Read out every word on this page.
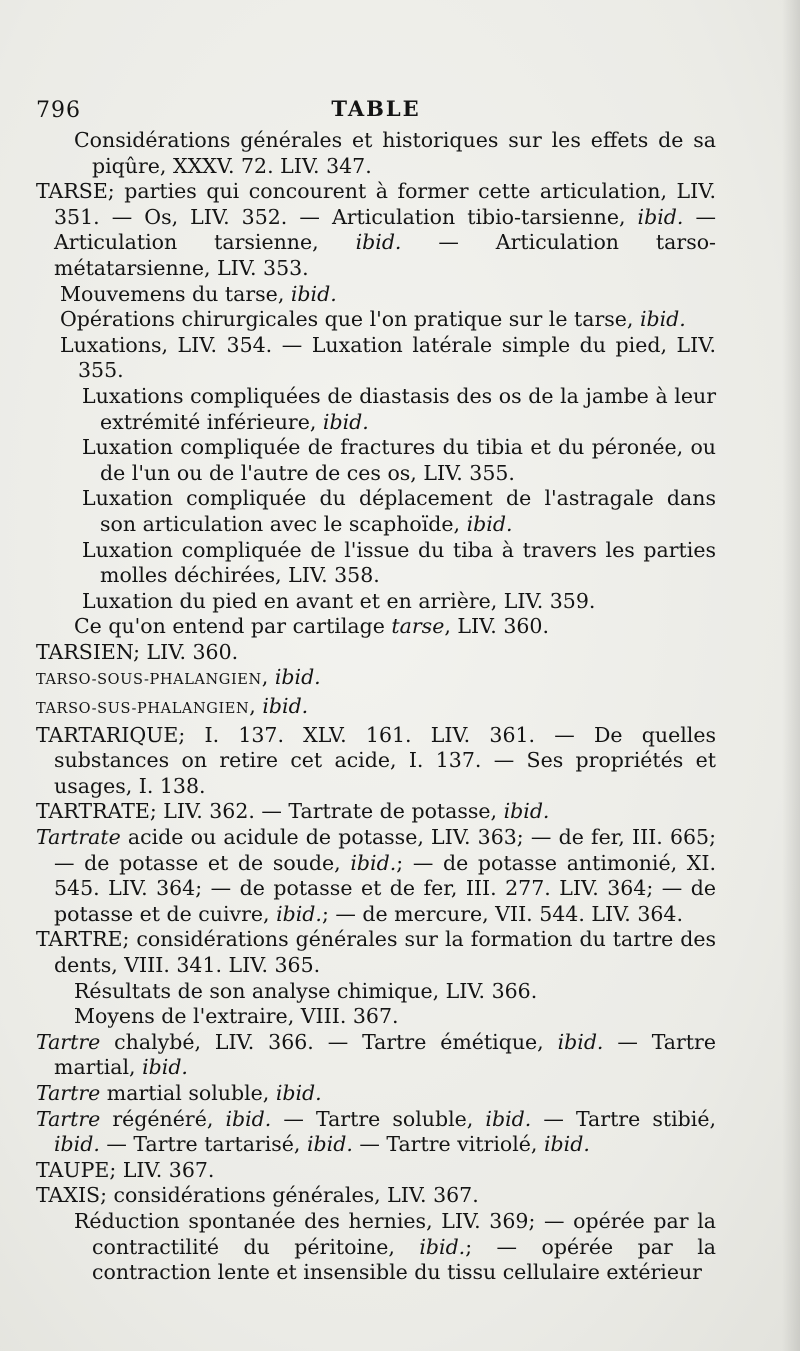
796	TABLE

Considérations générales et historiques sur les effets de sa piqûre, XXXV. 72. LIV. 347.

TARSE; parties qui concourent à former cette articulation, LIV. 351. — Os, LIV. 352. — Articulation tibio-tarsienne, ibid. — Articulation tarsienne, ibid. — Articulation tarso-métatarsienne, LIV. 353.

Mouvemens du tarse, ibid.

Opérations chirurgicales que l'on pratique sur le tarse, ibid.

Luxations, LIV. 354. — Luxation latérale simple du pied, LIV. 355.

Luxations compliquées de diastasis des os de la jambe à leur extrémité inférieure, ibid.

Luxation compliquée de fractures du tibia et du péronée, ou de l'un ou de l'autre de ces os, LIV. 355.

Luxation compliquée du déplacement de l'astragale dans son articulation avec le scaphoïde, ibid.

Luxation compliquée de l'issue du tiba à travers les parties molles déchirées, LIV. 358.

Luxation du pied en avant et en arrière, LIV. 359.

Ce qu'on entend par cartilage tarse, LIV. 360.

TARSIEN; LIV. 360.

TARSO-SOUS-PHALANGIEN, ibid.

TARSO-SUS-PHALANGIEN, ibid.

TARTARIQUE; I. 137. XLV. 161. LIV. 361. — De quelles substances on retire cet acide, I. 137. — Ses propriétés et usages, I. 138.

TARTRATE; LIV. 362. — Tartrate de potasse, ibid.

Tartrate acide ou acidule de potasse, LIV. 363; — de fer, III. 665; — de potasse et de soude, ibid.; — de potasse antimonié, XI. 545. LIV. 364; — de potasse et de fer, III. 277. LIV. 364; — de potasse et de cuivre, ibid.; — de mercure, VII. 544. LIV. 364.

TARTRE; considérations générales sur la formation du tartre des dents, VIII. 341. LIV. 365.

Résultats de son analyse chimique, LIV. 366.

Moyens de l'extraire, VIII. 367.

Tartre chalybé, LIV. 366. — Tartre émétique, ibid. — Tartre martial, ibid.

Tartre martial soluble, ibid.

Tartre régénéré, ibid. — Tartre soluble, ibid. — Tartre stibié, ibid. — Tartre tartarisé, ibid. — Tartre vitriolé, ibid.

TAUPE; LIV. 367.

TAXIS; considérations générales, LIV. 367.

Réduction spontanée des hernies, LIV. 369; — opérée par la contractilité du péritoine, ibid.; — opérée par la contraction lente et insensible du tissu cellulaire extérieur
